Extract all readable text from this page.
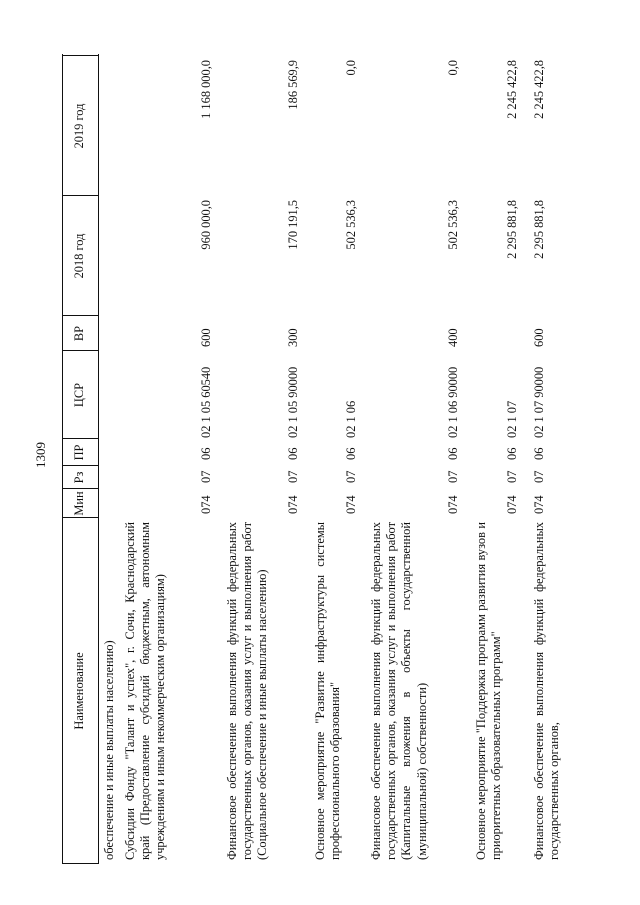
1309
Наименование
Мин
Рз
ПР
ЦСР
ВР
2018 год
2019 год
обеспечение и иные выплаты населению) Субсидии Фонду "Талант и успех", г. Сочи, Краснодарский край (Предоставление субсидий бюджетным, автономным учреждениям и иным некоммерческим организациям)
074
07
06
02 1 05 60540
600
960 000,0
1 168 000,0
Финансовое обеспечение выполнения функций федеральных государственных органов, оказания услуг и выполнения работ (Социальное обеспечение и иные выплаты населению)
074
07
06
02 1 05 90000
300
170 191,5
186 569,9
Основное мероприятие "Развитие инфраструктуры системы профессионального образования"
074
07
06
02 1 06
502 536,3
0,0
Финансовое обеспечение выполнения функций федеральных государственных органов, оказания услуг и выполнения работ (Капитальные вложения в объекты государственной (муниципальной) собственности)
074
07
06
02 1 06 90000
400
502 536,3
0,0
Основное мероприятие "Поддержка программ развития вузов и приоритетных образовательных программ"
074
07
06
02 1 07
2 295 881,8
2 245 422,8
Финансовое обеспечение выполнения функций федеральных государственных органов,
074
07
06
02 1 07 90000
600
2 295 881,8
2 245 422,8
